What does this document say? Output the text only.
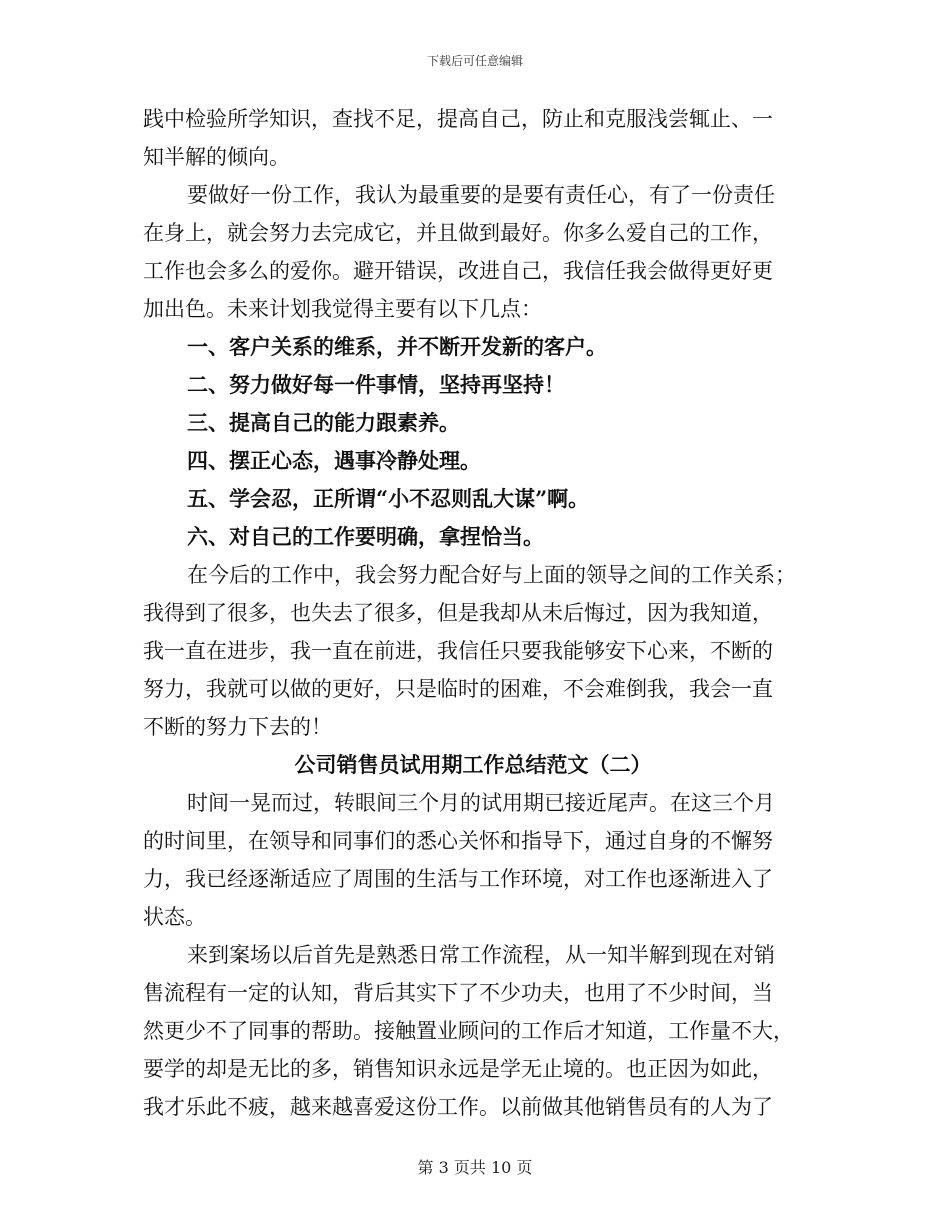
下载后可任意编辑
践中检验所学知识，查找不足，提高自己，防止和克服浅尝辄止、一
知半解的倾向。
要做好一份工作，我认为最重要的是要有责任心，有了一份责任
在身上，就会努力去完成它，并且做到最好。你多么爱自己的工作，
工作也会多么的爱你。避开错误，改进自己，我信任我会做得更好更
加出色。未来计划我觉得主要有以下几点：
一、客户关系的维系，并不断开发新的客户。
二、努力做好每一件事情，坚持再坚持！
三、提高自己的能力跟素养。
四、摆正心态，遇事冷静处理。
五、学会忍，正所谓“小不忍则乱大谋”啊。
六、对自己的工作要明确，拿捏恰当。
在今后的工作中，我会努力配合好与上面的领导之间的工作关系；
我得到了很多，也失去了很多，但是我却从未后悔过，因为我知道，
我一直在进步，我一直在前进，我信任只要我能够安下心来，不断的
努力，我就可以做的更好，只是临时的困难，不会难倒我，我会一直
不断的努力下去的！
公司销售员试用期工作总结范文（二）
时间一晃而过，转眼间三个月的试用期已接近尾声。在这三个月
的时间里，在领导和同事们的悉心关怀和指导下，通过自身的不懈努
力，我已经逐渐适应了周围的生活与工作环境，对工作也逐渐进入了
状态。
来到案场以后首先是熟悉日常工作流程，从一知半解到现在对销
售流程有一定的认知，背后其实下了不少功夫，也用了不少时间，当
然更少不了同事的帮助。接触置业顾问的工作后才知道，工作量不大，
要学的却是无比的多，销售知识永远是学无止境的。也正因为如此，
我才乐此不疲，越来越喜爱这份工作。以前做其他销售员有的人为了
第 3 页共 10 页
